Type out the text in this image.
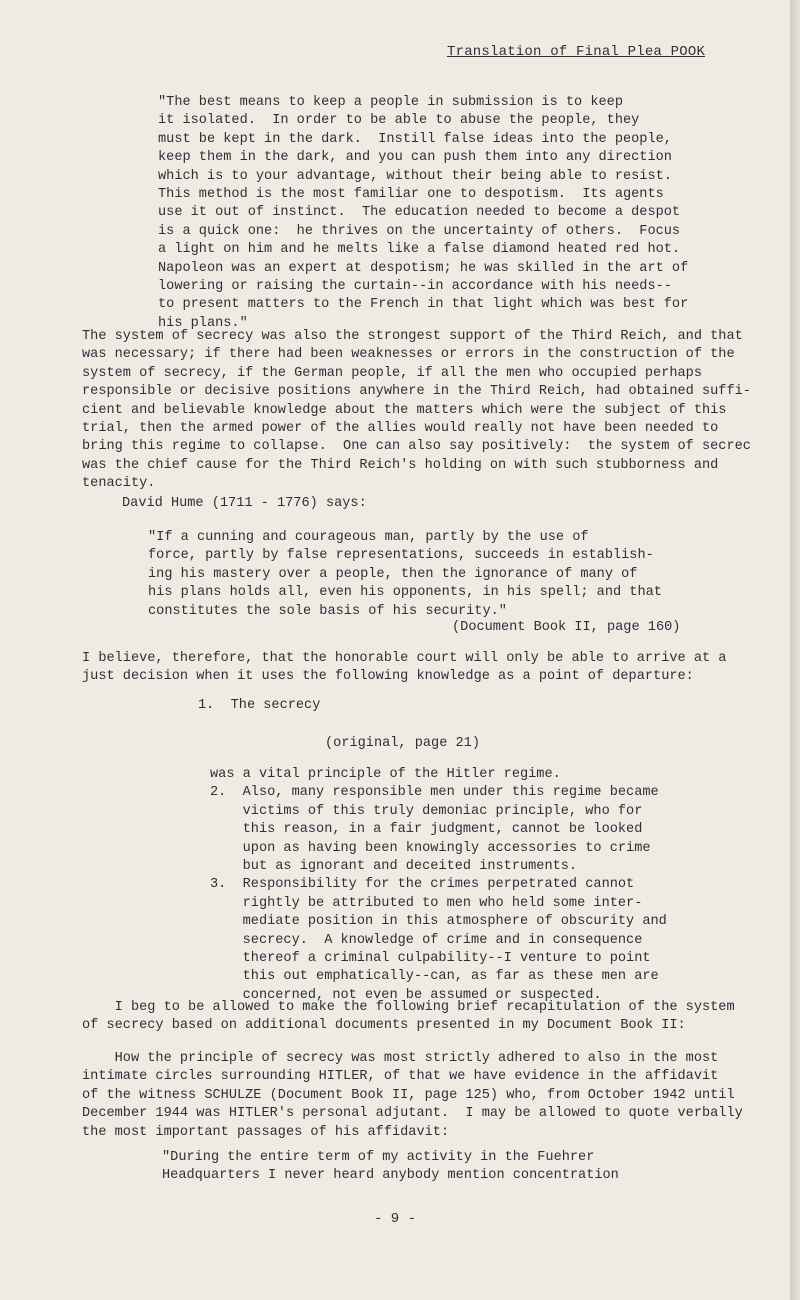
Translation of Final Plea POOK

"The best means to keep a people in submission is to keep
it isolated.  In order to be able to abuse the people, they
must be kept in the dark.  Instill false ideas into the people,
keep them in the dark, and you can push them into any direction
which is to your advantage, without their being able to resist.
This method is the most familiar one to despotism.  Its agents
use it out of instinct.  The education needed to become a despot
is a quick one:  he thrives on the uncertainty of others.  Focus
a light on him and he melts like a false diamond heated red hot.
Napoleon was an expert at despotism; he was skilled in the art of
lowering or raising the curtain--in accordance with his needs--
to present matters to the French in that light which was best for
his plans."

The system of secrecy was also the strongest support of the Third Reich, and that
was necessary; if there had been weaknesses or errors in the construction of the
system of secrecy, if the German people, if all the men who occupied perhaps
responsible or decisive positions anywhere in the Third Reich, had obtained suffi-
cient and believable knowledge about the matters which were the subject of this
trial, then the armed power of the allies would really not have been needed to
bring this regime to collapse.  One can also say positively:  the system of secrec
was the chief cause for the Third Reich's holding on with such stubborness and
tenacity.

David Hume (1711 - 1776) says:

"If a cunning and courageous man, partly by the use of
force, partly by false representations, succeeds in establish-
ing his mastery over a people, then the ignorance of many of
his plans holds all, even his opponents, in his spell; and that
constitutes the sole basis of his security."

(Document Book II, page 160)

I believe, therefore, that the honorable court will only be able to arrive at a
just decision when it uses the following knowledge as a point of departure:

1.  The secrecy

(original, page 21)

was a vital principle of the Hitler regime.
2.  Also, many responsible men under this regime became
victims of this truly demoniac principle, who for
this reason, in a fair judgment, cannot be looked
upon as having been knowingly accessories to crime
but as ignorant and deceited instruments.
3.  Responsibility for the crimes perpetrated cannot
rightly be attributed to men who held some inter-
mediate position in this atmosphere of obscurity and
secrecy.  A knowledge of crime and in consequence
thereof a criminal culpability--I venture to point
this out emphatically--can, as far as these men are
concerned, not even be assumed or suspected.

I beg to be allowed to make the following brief recapitulation of the system
of secrecy based on additional documents presented in my Document Book II:

How the principle of secrecy was most strictly adhered to also in the most
intimate circles surrounding HITLER, of that we have evidence in the affidavit
of the witness SCHULZE (Document Book II, page 125) who, from October 1942 until
December 1944 was HITLER's personal adjutant.  I may be allowed to quote verbally
the most important passages of his affidavit:

"During the entire term of my activity in the Fuehrer
Headquarters I never heard anybody mention concentration

- 9 -
